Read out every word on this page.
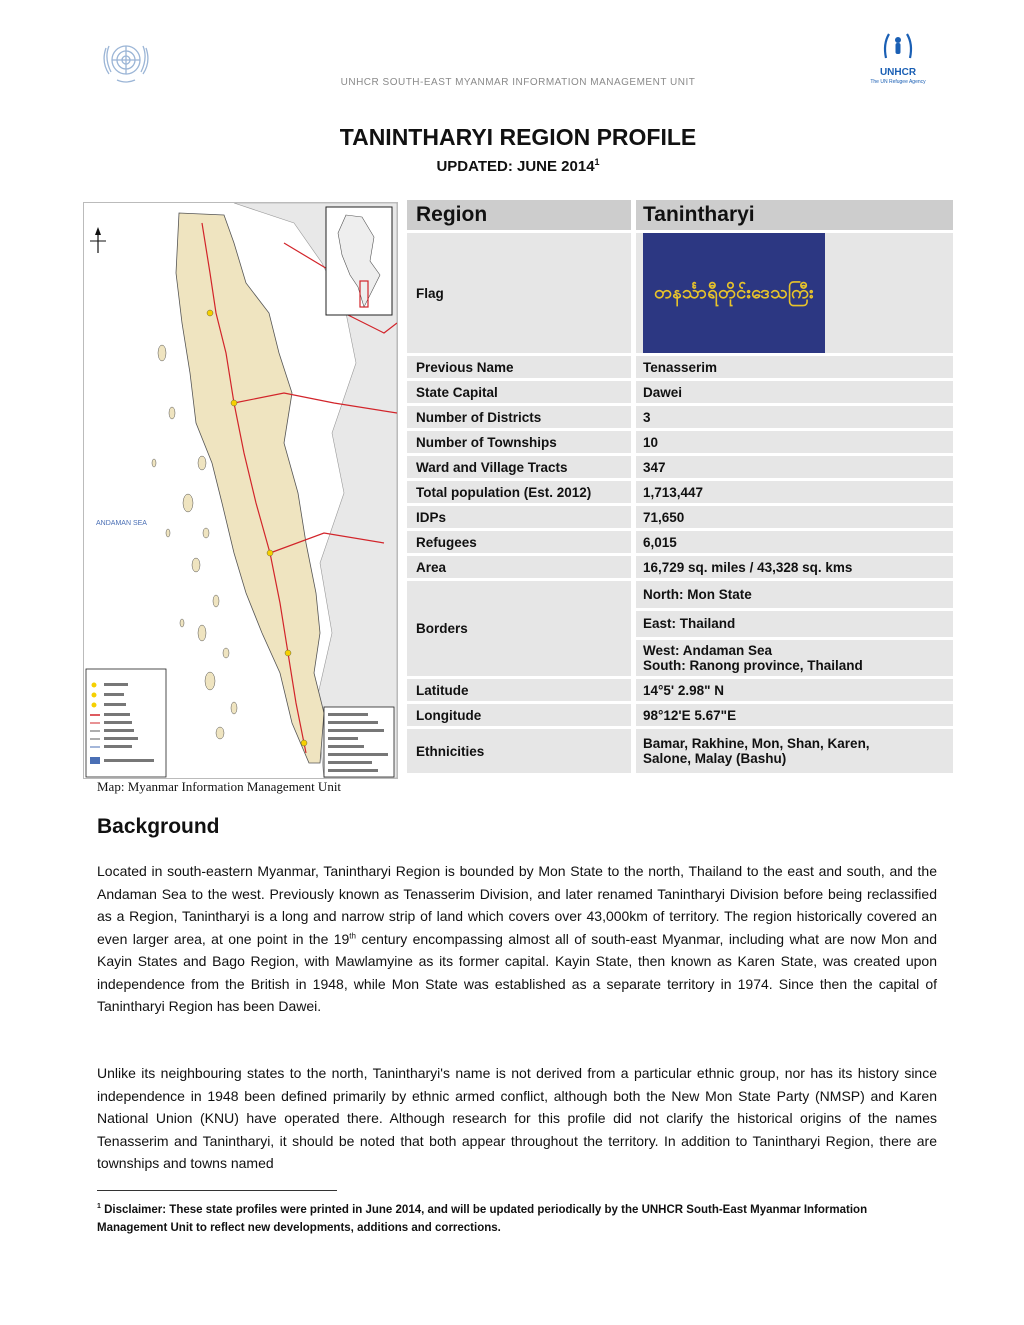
UNHCR
The UN Refugee Agency
UNHCR SOUTH-EAST MYANMAR INFORMATION MANAGEMENT UNIT
TANINTHARYI REGION PROFILE
UPDATED: JUNE 2014$^1$
ANDAMAN SEA
Map: Myanmar Information Management Unit
Region	Tanintharyi
Flag	တနင်္သာရီတိုင်းဒေသကြီး
Previous Name	Tenasserim
State Capital	Dawei
Number of Districts	3
Number of Townships	10
Ward and Village Tracts	347
Total population (Est. 2012)	1,713,447
IDPs	71,650
Refugees	6,015
Area	16,729 sq. miles / 43,328 sq. kms
Borders
North: Mon State
East: Thailand
West: Andaman Sea
South: Ranong province, Thailand
Latitude	14°5' 2.98" N
Longitude	98°12'E 5.67"E
Ethnicities	Bamar, Rakhine, Mon, Shan, Karen,
Salone, Malay (Bashu)
Background
Located in south-eastern Myanmar, Tanintharyi Region is bounded by Mon State to the north, Thailand to the east and south, and the Andaman Sea to the west. Previously known as Tenasserim Division, and later renamed Tanintharyi Division before being reclassified as a Region, Tanintharyi is a long and narrow strip of land which covers over 43,000km of territory. The region historically covered an even larger area, at one point in the 19th century encompassing almost all of south-east Myanmar, including what are now Mon and Kayin States and Bago Region, with Mawlamyine as its former capital. Kayin State, then known as Karen State, was created upon independence from the British in 1948, while Mon State was established as a separate territory in 1974. Since then the capital of Tanintharyi Region has been Dawei.
Unlike its neighbouring states to the north, Tanintharyi's name is not derived from a particular ethnic group, nor has its history since independence in 1948 been defined primarily by ethnic armed conflict, although both the New Mon State Party (NMSP) and Karen National Union (KNU) have operated there. Although research for this profile did not clarify the historical origins of the names Tenasserim and Tanintharyi, it should be noted that both appear throughout the territory. In addition to Tanintharyi Region, there are townships and towns named
$^1$ Disclaimer: These state profiles were printed in June 2014, and will be updated periodically by the UNHCR South-East Myanmar Information Management Unit to reflect new developments, additions and corrections.
